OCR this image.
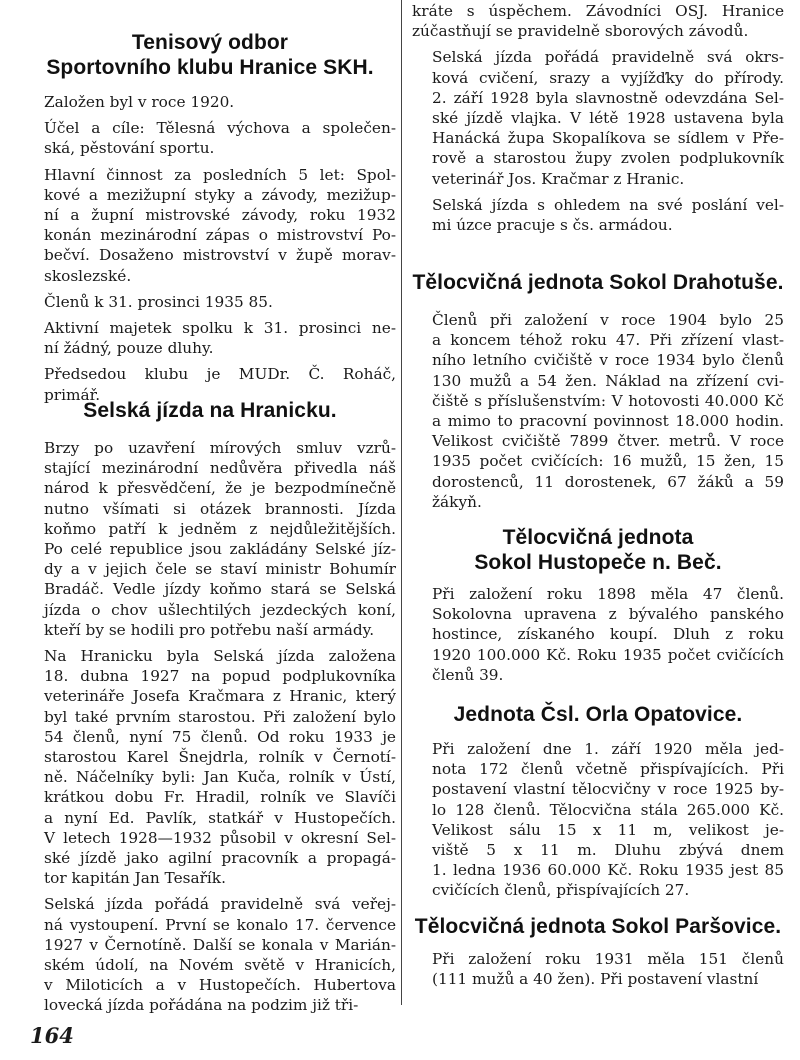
Tenisový odbor
Sportovního klubu Hranice SKH.

Založen byl v roce 1920.

Účel a cíle: Tělesná výchova a společen-
ská, pěstování sportu.

Hlavní činnost za posledních 5 let: Spol-
kové a mezižupní styky a závody, mezižup-
ní a župní mistrovské závody, roku 1932
konán mezinárodní zápas o mistrovství Po-
bečví. Dosaženo mistrovství v župě morav-
skoslezské.

Členů k 31. prosinci 1935 85.

Aktivní majetek spolku k 31. prosinci ne-
ní žádný, pouze dluhy.

Předsedou klubu je MUDr. Č. Roháč,
primář.

Selská jízda na Hranicku.

Brzy po uzavření mírových smluv vzrů-
stající mezinárodní nedůvěra přivedla náš
národ k přesvědčení, že je bezpodmínečně
nutno všímati si otázek brannosti. Jízda
koňmo patří k jedněm z nejdůležitějších.
Po celé republice jsou zakládány Selské jíz-
dy a v jejich čele se staví ministr Bohumír
Bradáč. Vedle jízdy koňmo stará se Selská
jízda o chov ušlechtilých jezdeckých koní,
kteří by se hodili pro potřebu naší armády.

Na Hranicku byla Selská jízda založena
18. dubna 1927 na popud podplukovníka
veterináře Josefa Kračmara z Hranic, který
byl také prvním starostou. Při založení bylo
54 členů, nyní 75 členů. Od roku 1933 je
starostou Karel Šnejdrla, rolník v Černotí-
ně. Náčelníky byli: Jan Kuča, rolník v Ústí,
krátkou dobu Fr. Hradil, rolník ve Slavíči
a nyní Ed. Pavlík, statkář v Hustopečích.
V letech 1928—1932 působil v okresní Sel-
ské jízdě jako agilní pracovník a propagá-
tor kapitán Jan Tesařík.

Selská jízda pořádá pravidelně svá veřej-
ná vystoupení. První se konalo 17. července
1927 v Černotíně. Další se konala v Marián-
ském údolí, na Novém světě v Hranicích,
v Miloticích a v Hustopečích. Hubertova
lovecká jízda pořádána na podzim již tři-

kráte s úspěchem. Závodníci OSJ. Hranice
zúčastňují se pravidelně sborových závodů.

Selská jízda pořádá pravidelně svá okrs-
ková cvičení, srazy a vyjížďky do přírody.
2. září 1928 byla slavnostně odevzdána Sel-
ské jízdě vlajka. V létě 1928 ustavena byla
Hanácká župa Skopalíkova se sídlem v Pře-
rově a starostou župy zvolen podplukovník
veterinář Jos. Kračmar z Hranic.

Selská jízda s ohledem na své poslání vel-
mi úzce pracuje s čs. armádou.

Tělocvičná jednota Sokol Drahotuše.

Členů při založení v roce 1904 bylo 25
a koncem téhož roku 47. Při zřízení vlast-
ního letního cvičiště v roce 1934 bylo členů
130 mužů a 54 žen. Náklad na zřízení cvi-
čiště s příslušenstvím: V hotovosti 40.000 Kč
a mimo to pracovní povinnost 18.000 hodin.
Velikost cvičiště 7899 čtver. metrů. V roce
1935 počet cvičících: 16 mužů, 15 žen, 15
dorostenců, 11 dorostenek, 67 žáků a 59
žákyň.

Tělocvičná jednota
Sokol Hustopeče n. Beč.

Při založení roku 1898 měla 47 členů.
Sokolovna upravena z bývalého panského
hostince, získaného koupí. Dluh z roku
1920 100.000 Kč. Roku 1935 počet cvičících
členů 39.

Jednota Čsl. Orla Opatovice.

Při založení dne 1. září 1920 měla jed-
nota 172 členů včetně přispívajících. Při
postavení vlastní tělocvičny v roce 1925 by-
lo 128 členů. Tělocvična stála 265.000 Kč.
Velikost sálu 15 x 11 m, velikost je-
viště 5 x 11 m. Dluhu zbývá dnem
1. ledna 1936 60.000 Kč. Roku 1935 jest 85
cvičících členů, přispívajících 27.

Tělocvičná jednota Sokol Paršovice.

Při založení roku 1931 měla 151 členů
(111 mužů a 40 žen). Při postavení vlastní

164
